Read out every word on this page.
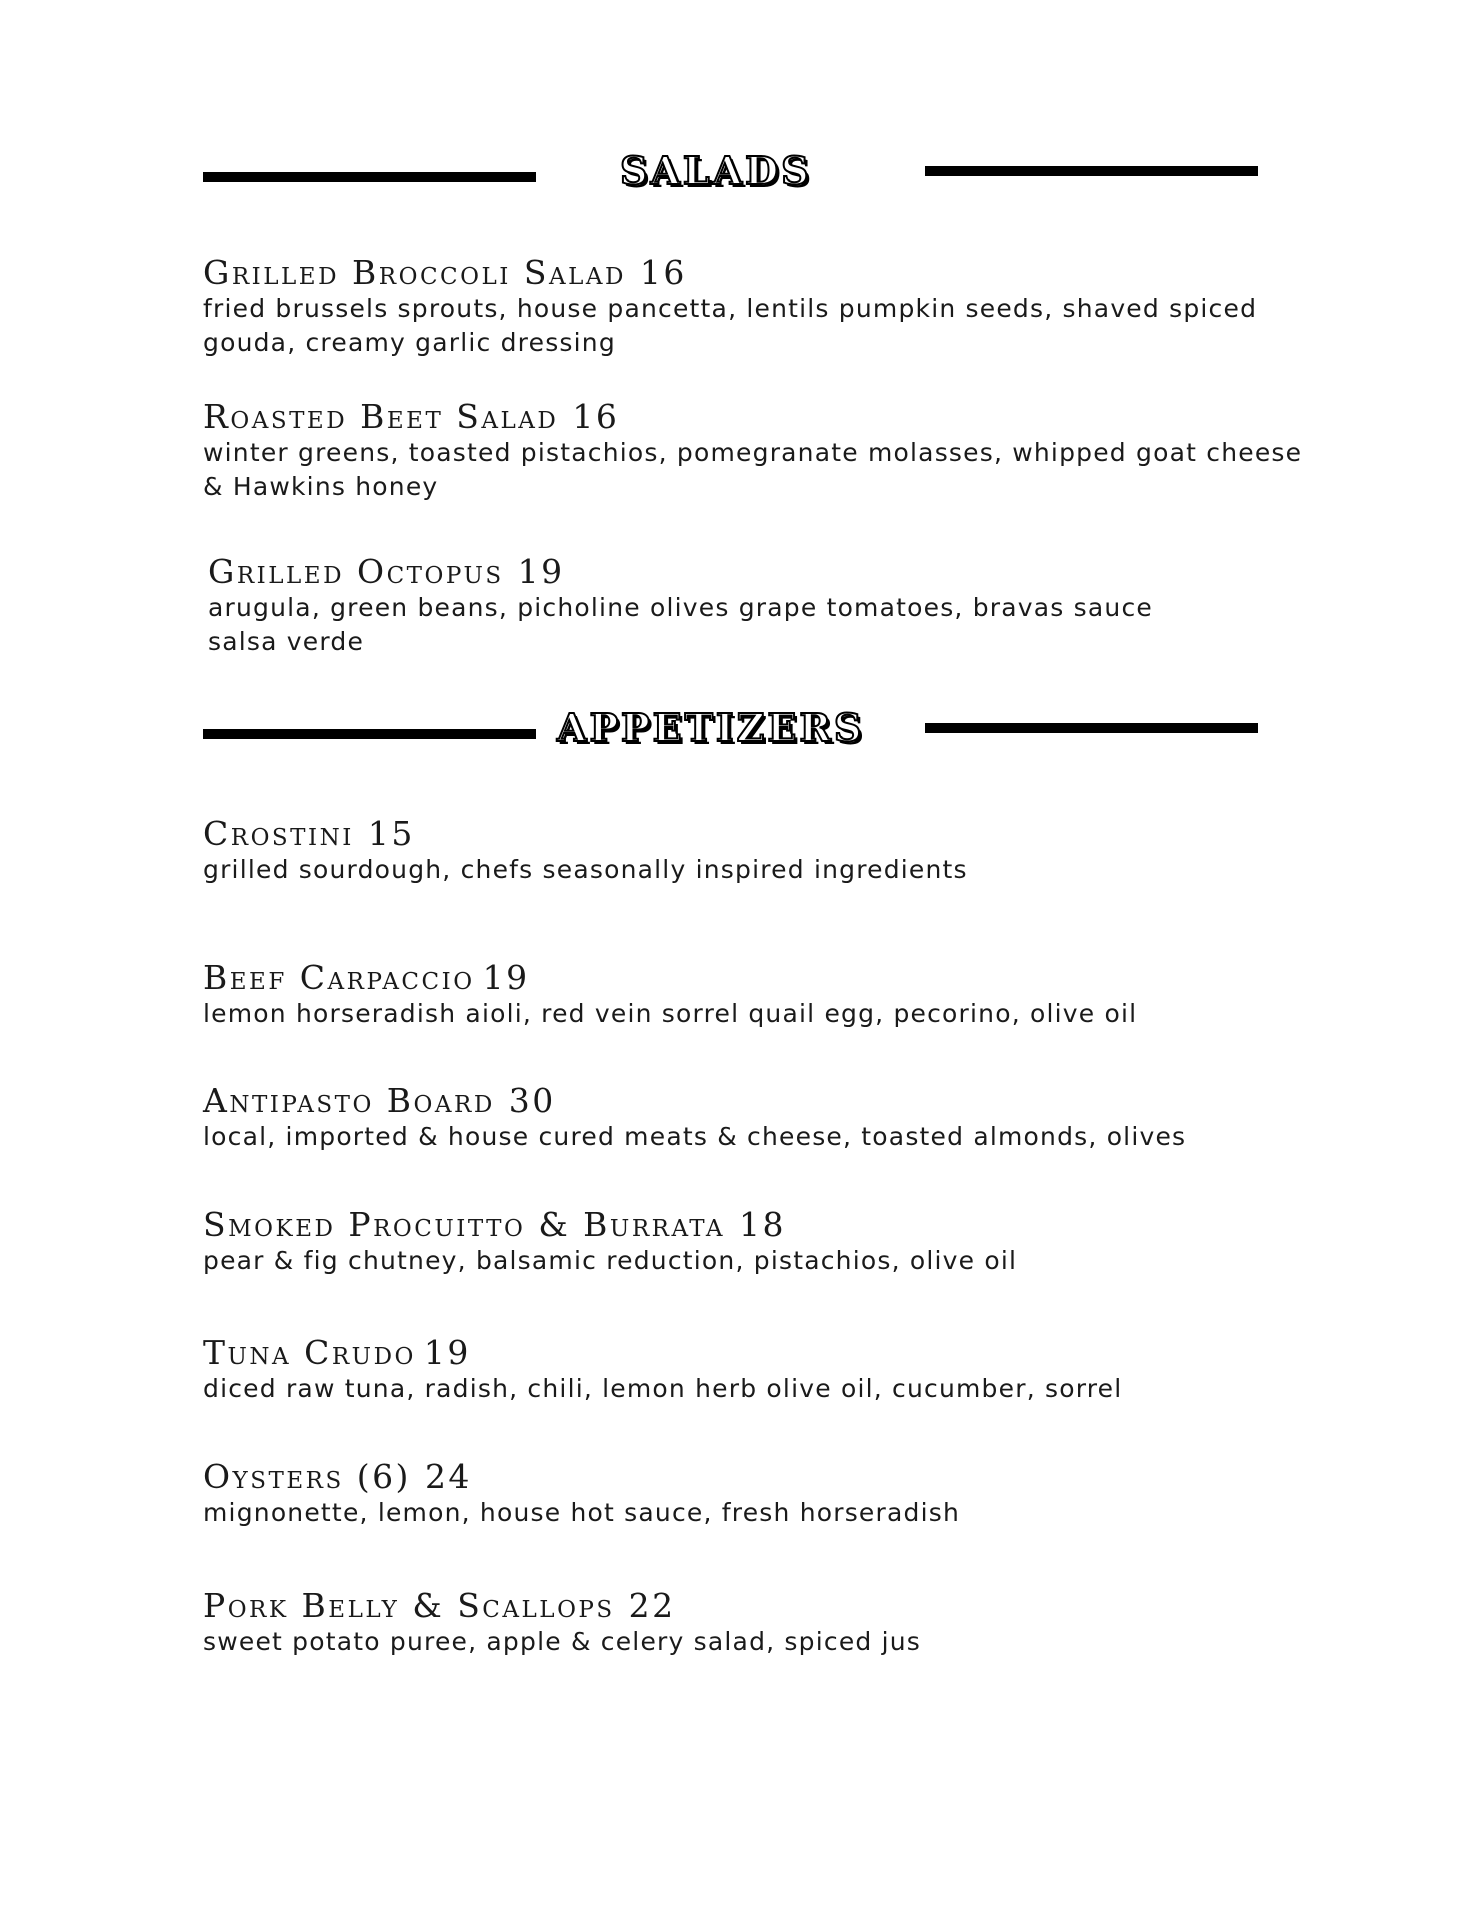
SALADS
Grilled Broccoli Salad 16
fried brussels sprouts, house pancetta, lentils pumpkin seeds, shaved spiced
gouda, creamy garlic dressing
Roasted Beet Salad 16
winter greens, toasted pistachios, pomegranate molasses, whipped goat cheese
& Hawkins honey
Grilled Octopus 19
arugula, green beans, picholine olives grape tomatoes, bravas sauce
salsa verde
APPETIZERS
Crostini 15
grilled sourdough, chefs seasonally inspired ingredients
Beef Carpaccio 19
lemon horseradish aioli, red vein sorrel quail egg, pecorino, olive oil
Antipasto Board 30
local, imported & house cured meats & cheese, toasted almonds, olives
Smoked Procuitto & Burrata 18
pear & fig chutney, balsamic reduction, pistachios, olive oil
Tuna Crudo 19
diced raw tuna, radish, chili, lemon herb olive oil, cucumber, sorrel
Oysters (6) 24
mignonette, lemon, house hot sauce, fresh horseradish
Pork Belly & Scallops 22
sweet potato puree, apple & celery salad, spiced jus
